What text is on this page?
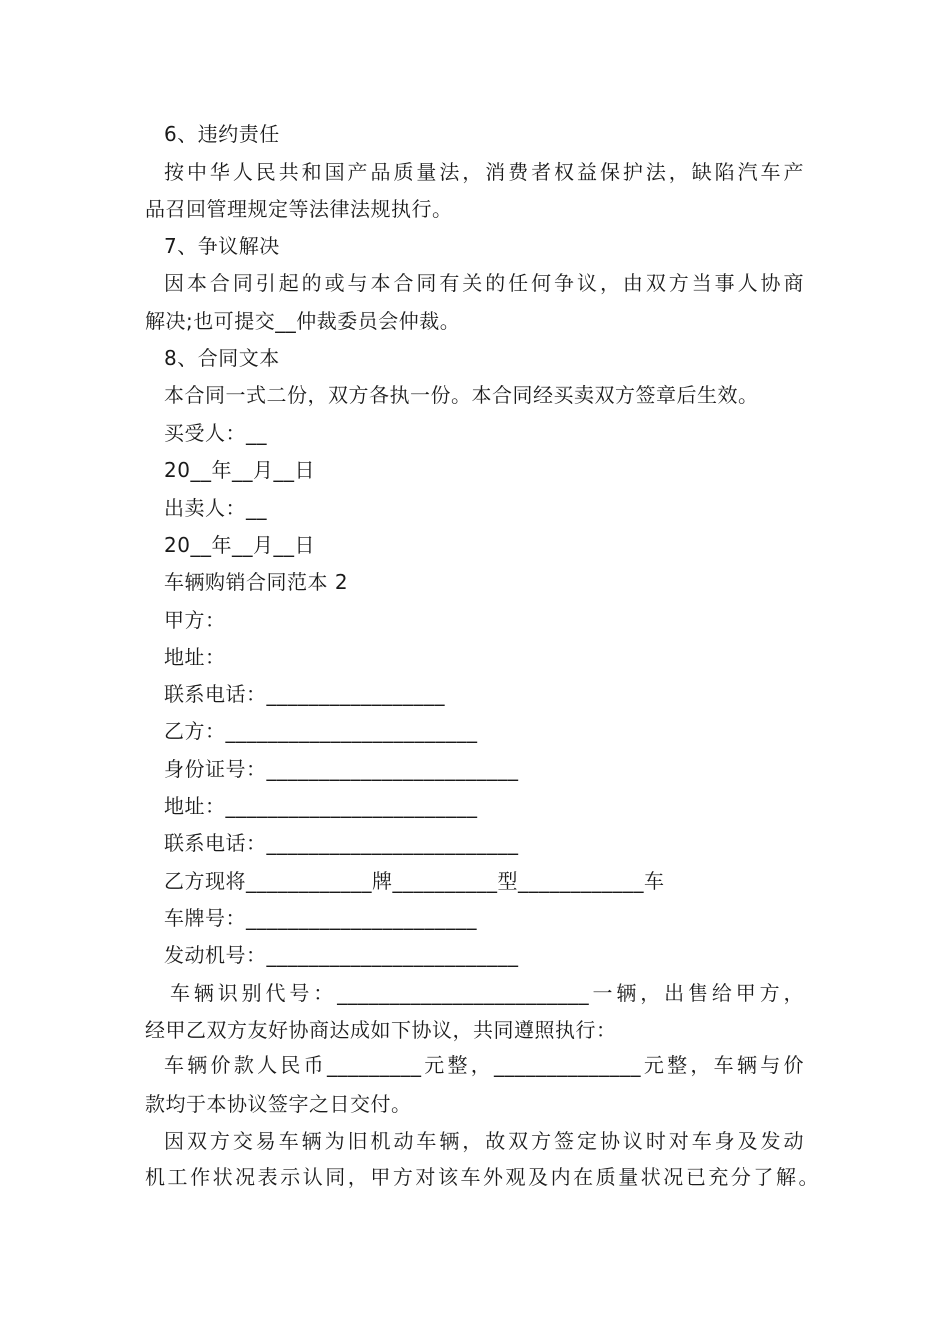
6、违约责任
按中华人民共和国产品质量法，消费者权益保护法，缺陷汽车产
品召回管理规定等法律法规执行。
7、争议解决
因本合同引起的或与本合同有关的任何争议，由双方当事人协商
解决;也可提交__仲裁委员会仲裁。
8、合同文本
本合同一式二份，双方各执一份。本合同经买卖双方签章后生效。
买受人：__
20__年__月__日
出卖人：__
20__年__月__日
车辆购销合同范本 2
甲方：
地址：
联系电话：_________________
乙方：________________________
身份证号：________________________
地址：________________________
联系电话：________________________
乙方现将____________牌__________型____________车
车牌号：______________________
发动机号：________________________
车辆识别代号：________________________一辆，出售给甲方，
经甲乙双方友好协商达成如下协议，共同遵照执行：
车辆价款人民币_________元整，______________元整，车辆与价
款均于本协议签字之日交付。
因双方交易车辆为旧机动车辆，故双方签定协议时对车身及发动
机工作状况表示认同，甲方对该车外观及内在质量状况已充分了解。
